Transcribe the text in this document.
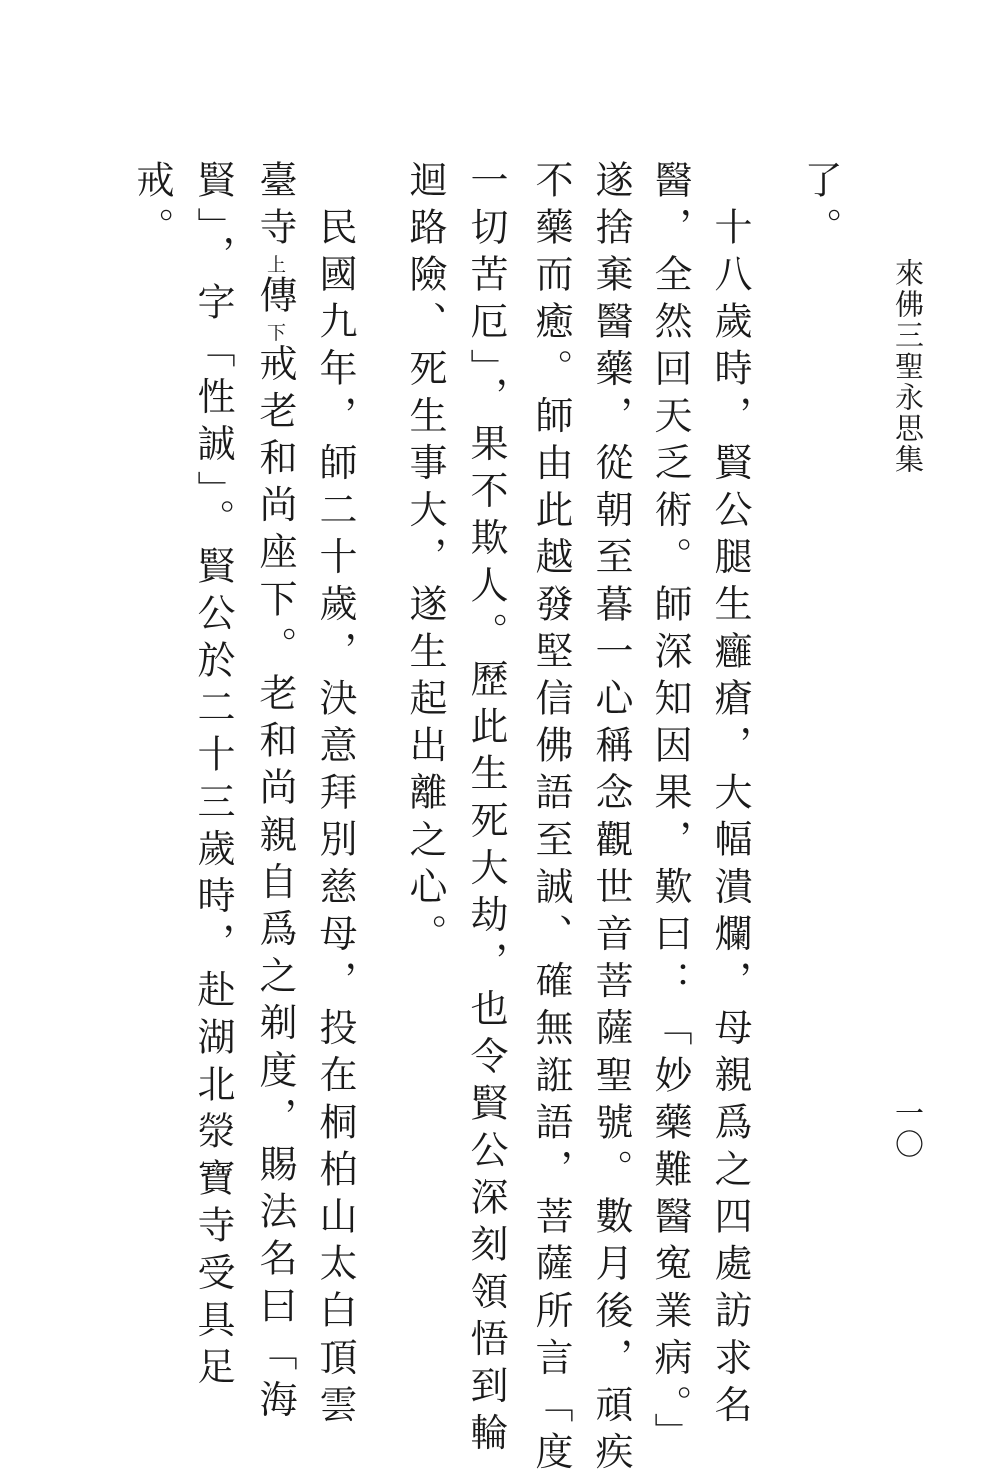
來佛三聖永思集
一〇
了。
十八歲時，賢公腿生癰瘡，大幅潰爛，母親爲之四處訪求名
醫，全然回天乏術。師深知因果，歎曰：「妙藥難醫寃業病。」
遂捨棄醫藥，從朝至暮一心稱念觀世音菩薩聖號。數月後，頑疾
不藥而癒。師由此越發堅信佛語至誠、確無誑語，菩薩所言「度
一切苦厄」，果不欺人。歷此生死大劫，也令賢公深刻領悟到輪
迴路險、死生事大，遂生起出離之心。
民國九年，師二十歲，決意拜別慈母，投在桐柏山太白頂雲
臺寺上傳下戒老和尚座下。老和尚親自爲之剃度，賜法名曰「海
賢」，字「性誠」。賢公於二十三歲時，赴湖北滎寶寺受具足
戒。
